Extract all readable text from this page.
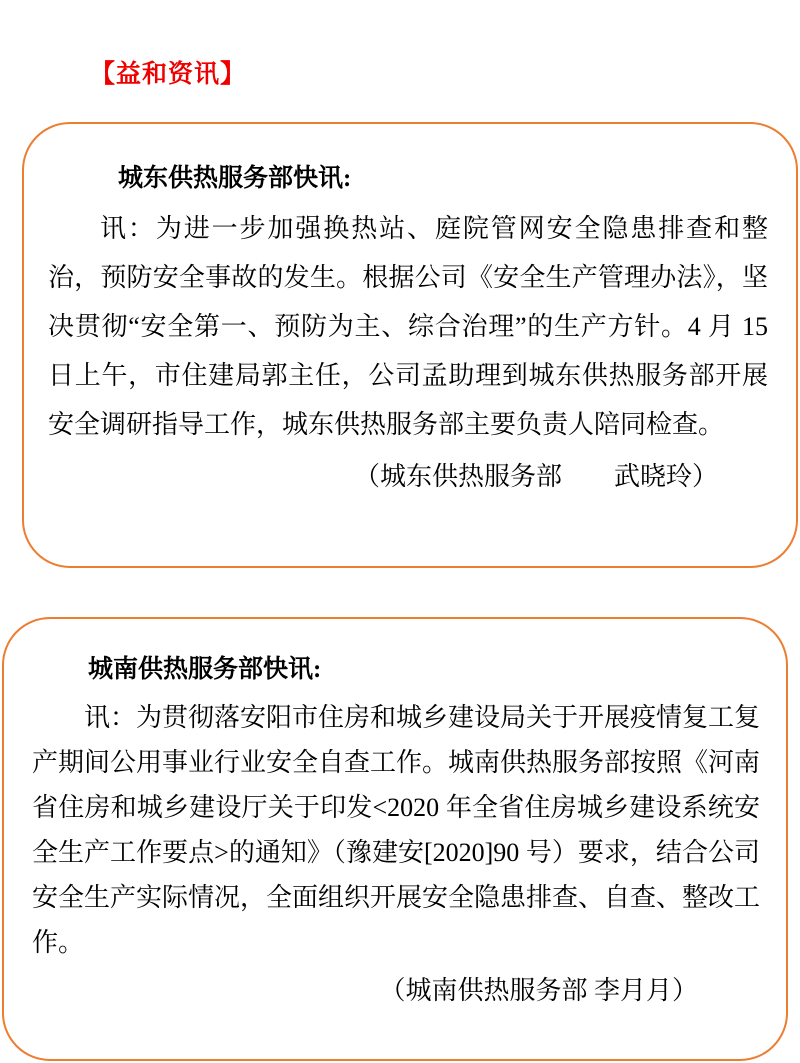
【益和资讯】
城东供热服务部快讯:

讯：为进一步加强换热站、庭院管网安全隐患排查和整治，预防安全事故的发生。根据公司《安全生产管理办法》，坚决贯彻“安全第一、预防为主、综合治理”的生产方针。4 月 15 日上午，市住建局郭主任，公司孟助理到城东供热服务部开展安全调研指导工作，城东供热服务部主要负责人陪同检查。

（城东供热服务部　　武晓玲）
城南供热服务部快讯:

讯：为贯彻落安阳市住房和城乡建设局关于开展疫情复工复产期间公用事业行业安全自查工作。城南供热服务部按照《河南省住房和城乡建设厅关于印发<2020 年全省住房城乡建设系统安全生产工作要点>的通知》（豫建安[2020]90 号）要求，结合公司安全生产实际情况，全面组织开展安全隐患排查、自查、整改工作。

（城南供热服务部 李月月）
